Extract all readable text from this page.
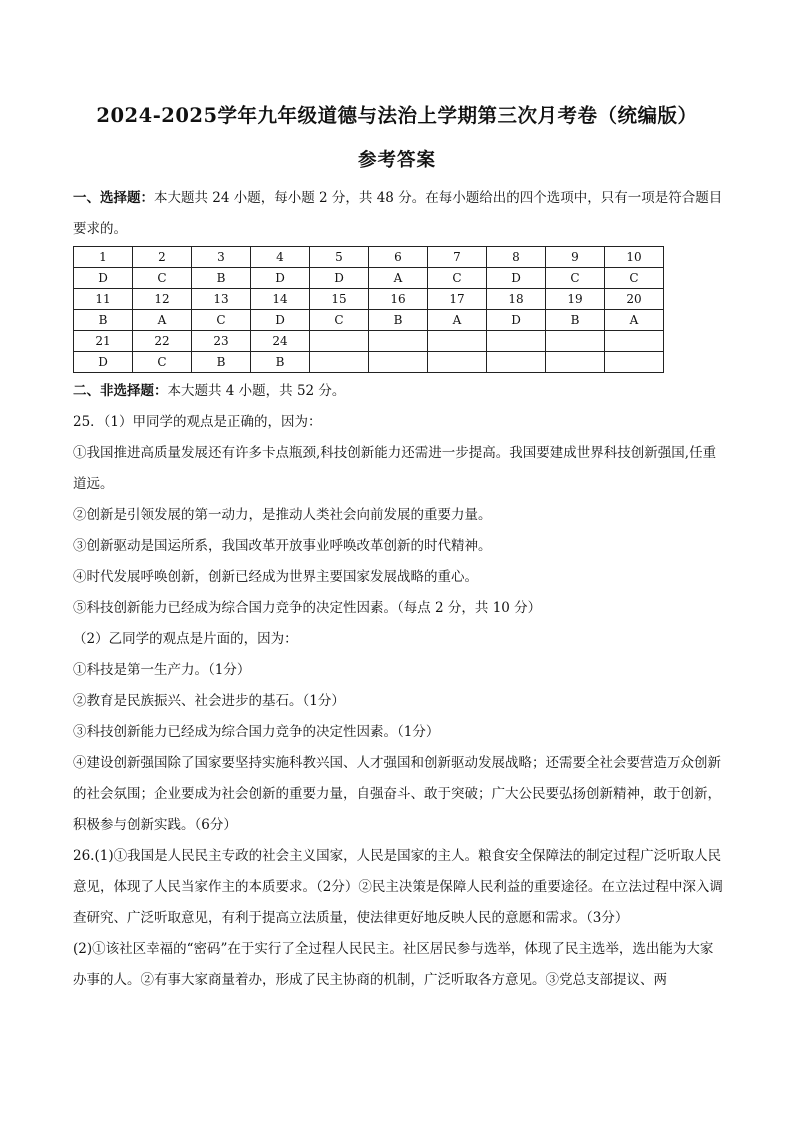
2024-2025学年九年级道德与法治上学期第三次月考卷（统编版）
参考答案

一、选择题：本大题共 24 小题，每小题 2 分，共 48 分。在每小题给出的四个选项中，只有一项是符合题目要求的。

1	2	3	4	5	6	7	8	9	10
D	C	B	D	D	A	C	D	C	C
11	12	13	14	15	16	17	18	19	20
B	A	C	D	C	B	A	D	B	A
21	22	23	24						
D	C	B	B						

二、非选择题：本大题共 4 小题，共 52 分。

25．（1）甲同学的观点是正确的，因为：

①我国推进高质量发展还有许多卡点瓶颈,科技创新能力还需进一步提高。我国要建成世界科技创新强国,任重道远。

②创新是引领发展的第一动力，是推动人类社会向前发展的重要力量。

③创新驱动是国运所系，我国改革开放事业呼唤改革创新的时代精神。

④时代发展呼唤创新，创新已经成为世界主要国家发展战略的重心。

⑤科技创新能力已经成为综合国力竞争的决定性因素。（每点 2 分，共 10 分）

（2）乙同学的观点是片面的，因为：

①科技是第一生产力。（1分）

②教育是民族振兴、社会进步的基石。（1分）

③科技创新能力已经成为综合国力竞争的决定性因素。（1分）

④建设创新强国除了国家要坚持实施科教兴国、人才强国和创新驱动发展战略；还需要全社会要营造万众创新的社会氛围；企业要成为社会创新的重要力量，自强奋斗、敢于突破；广大公民要弘扬创新精神，敢于创新，积极参与创新实践。（6分）

26.(1)①我国是人民民主专政的社会主义国家，人民是国家的主人。粮食安全保障法的制定过程广泛听取人民意见，体现了人民当家作主的本质要求。（2分）②民主决策是保障人民利益的重要途径。在立法过程中深入调查研究、广泛听取意见，有利于提高立法质量，使法律更好地反映人民的意愿和需求。（3分）

(2)①该社区幸福的“密码”在于实行了全过程人民民主。社区居民参与选举，体现了民主选举，选出能为大家办事的人。②有事大家商量着办，形成了民主协商的机制，广泛听取各方意见。③党总支部提议、两
